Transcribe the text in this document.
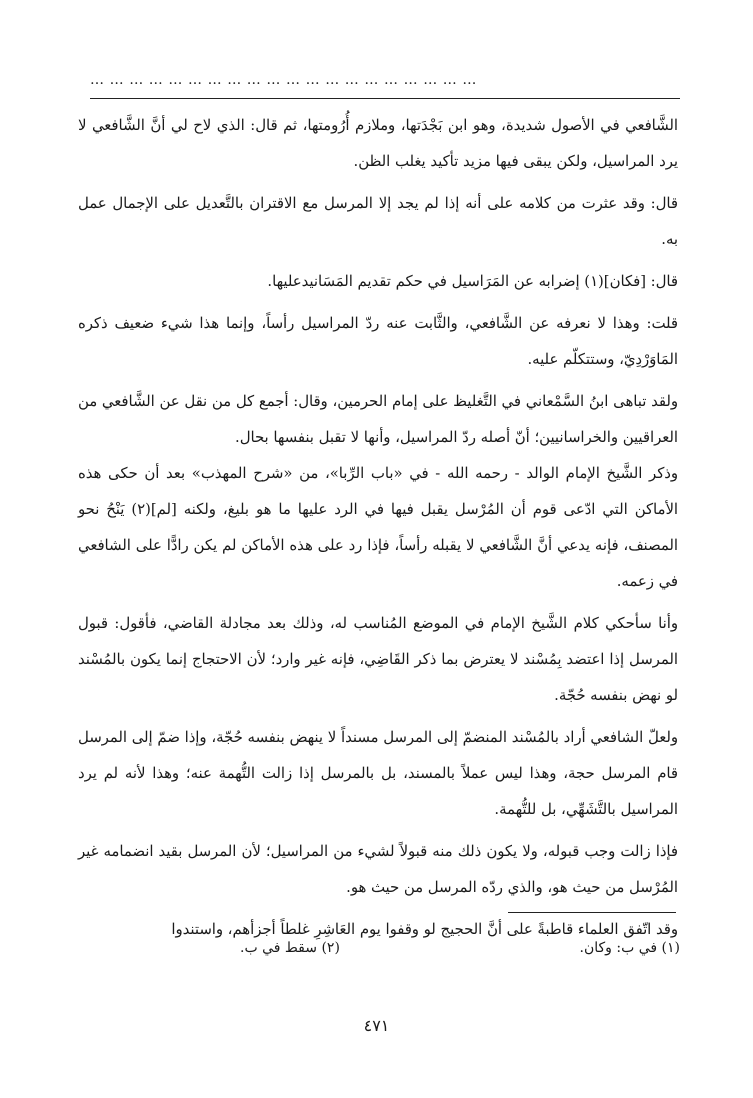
……………………………………………………

الشَّافعي في الأصول شديدة، وهو ابن بَجْدَتها، وملازم أُرُومتها، ثم قال: الذي لاح لي أنَّ الشَّافعي لا يرد المراسيل، ولكن يبقى فيها مزيد تأكيد يغلب الظن.

قال: وقد عثرت من كلامه على أنه إذا لم يجد إلا المرسل مع الاقتران بالتَّعديل على الإجمال عمل به.

قال: [فكان](١) إضرابه عن المَرَاسيل في حكم تقديم المَسَانيدعليها.

قلت: وهذا لا نعرفه عن الشَّافعي، والثَّابت عنه ردّ المراسيل رأساً، وإنما هذا شيء ضعيف ذكره المَاوَرْدِيّ، وستتكلّم عليه.

ولقد تباهى ابنُ السَّمْعاني في التَّغليظ على إمام الحرمين، وقال: أجمع كل من نقل عن الشَّافعي من العراقيين والخراسانيين؛ أنّ أصله ردّ المراسيل، وأنها لا تقبل بنفسها بحال.

وذكر الشَّيخ الإمام الوالد - رحمه الله - في «باب الرِّبا»، من «شرح المهذب» بعد أن حكى هذه الأماكن التي ادّعى قوم أن المُرْسل يقبل فيها في الرد عليها ما هو بليغ، ولكنه [لم](٢) يَنْحُ نحو المصنف، فإنه يدعي أنَّ الشَّافعي لا يقبله رأساً، فإذا رد على هذه الأماكن لم يكن رادًّا على الشافعي في زعمه.

وأنا سأحكي كلام الشَّيخ الإمام في الموضع المُناسب له، وذلك بعد مجادلة القاضي، فأقول: قبول المرسل إذا اعتضد بِمُسْند لا يعترض بما ذكر القَاضِي، فإنه غير وارد؛ لأن الاحتجاج إنما يكون بالمُسْند لو نهض بنفسه حُجّة.

ولعلّ الشافعي أراد بالمُسْند المنضمّ إلى المرسل مسنداً لا ينهض بنفسه حُجّة، وإذا ضمّ إلى المرسل قام المرسل حجة، وهذا ليس عملاً بالمسند، بل بالمرسل إذا زالت التُّهمة عنه؛ وهذا لأنه لم يرد المراسيل بالتَّشَهِّي، بل للتُّهمة.

فإذا زالت وجب قبوله، ولا يكون ذلك منه قبولاً لشيء من المراسيل؛ لأن المرسل بقيد انضمامه غير المُرْسل من حيث هو، والذي ردّه المرسل من حيث هو.

وقد اتّفق العلماء قاطبةً على أنَّ الحجيج لو وقفوا يوم العَاشِرِ غلطاً أجزأهم، واستندوا

(١) في ب: وكان.
(٢) سقط في ب.
٤٧١
